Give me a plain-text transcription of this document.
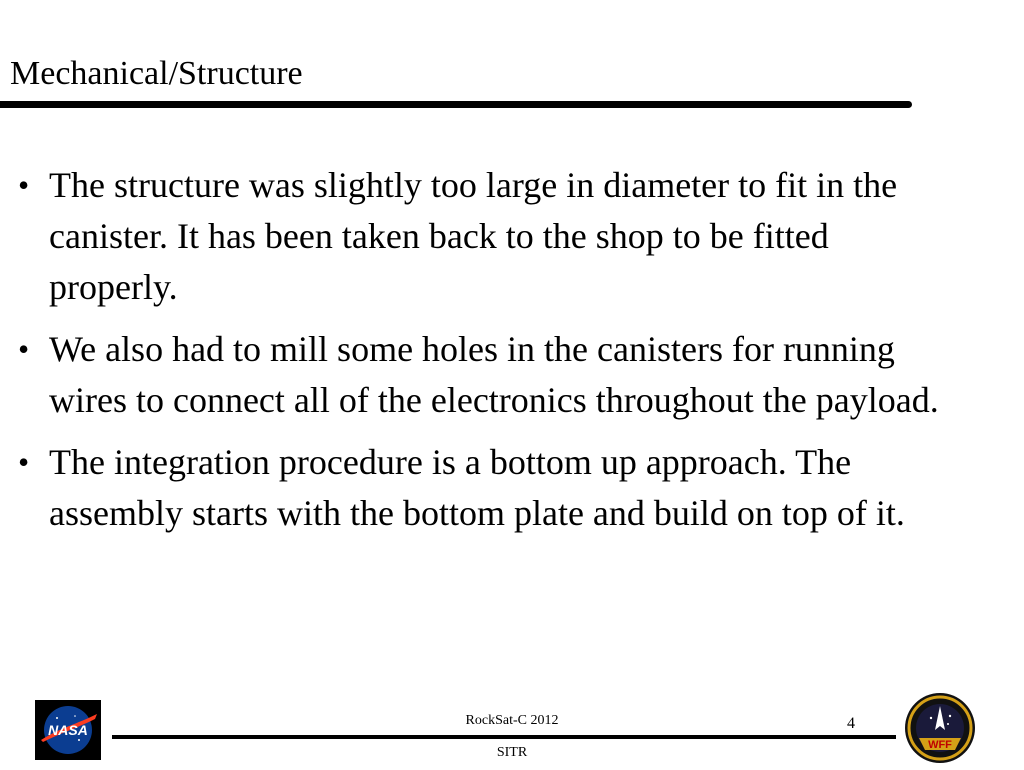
Mechanical/Structure
• The structure was slightly too large in diameter to fit in the canister. It has been taken back to the shop to be fitted properly.
• We also had to mill some holes in the canisters for running wires to connect all of the electronics throughout the payload.
• The integration procedure is a bottom up approach. The assembly starts with the bottom plate and build on top of it.
NASA
RockSat-C 2012	4
SITR	WFF
